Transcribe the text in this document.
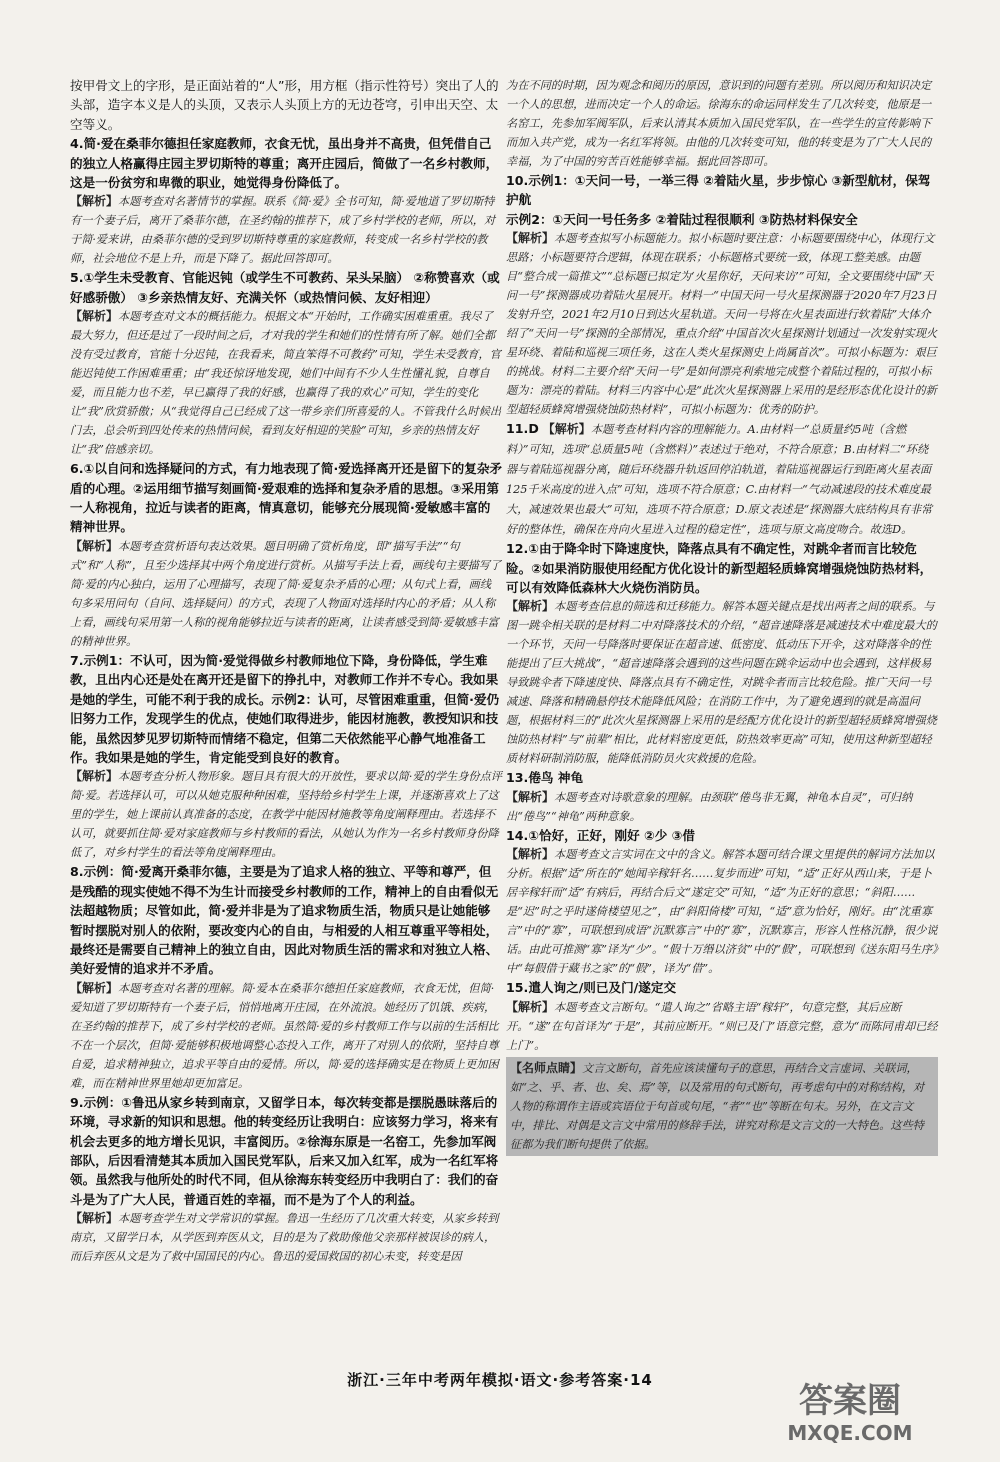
按甲骨文上的字形，是正面站着的“人”形，用方框（指示性符号）突出了人的头部，造字本义是人的头顶，又表示人头顶上方的无边苍穹，引申出天空、太空等义。

4.简·爱在桑菲尔德担任家庭教师，衣食无忧，虽出身并不高贵，但凭借自己的独立人格赢得庄园主罗切斯特的尊重；离开庄园后，简做了一名乡村教师，这是一份贫穷和卑微的职业，她觉得身份降低了。

【解析】本题考查对名著情节的掌握。联系《简·爱》全书可知，简·爱地道了罗切斯特有一个妻子后，离开了桑菲尔德，在圣约翰的推荐下，成了乡村学校的老师，所以，对于简·爱来讲，由桑菲尔德的受到罗切斯特尊重的家庭教师，转变成一名乡村学校的教师，社会地位不是上升，而是下降了。据此回答即可。

5.①学生未受教育、官能迟钝（或学生不可教药、呆头呆脑） ②称赞喜欢（或好感骄傲） ③乡亲热情友好、充满关怀（或热情问候、友好相迎）

【解析】本题考查对文本的概括能力。根据文本“开始时，工作确实困难重重。我尽了最大努力，但还是过了一段时间之后，才对我的学生和她们的性情有所了解。她们全都没有受过教育，官能十分迟钝，在我看来，简直笨得不可教药”可知，学生未受教育，官能迟钝使工作困难重重；由“我还惊讶地发现，她们中间有不少人生性懂礼貌，自尊自爱，而且能力也不差，早已赢得了我的好感，也赢得了我的欢心”可知，学生的变化让“我”欣赏骄傲；从“我觉得自己已经成了这一带乡亲们所喜爱的人。不管我什么时候出门去，总会听到四处传来的热情问候，看到友好相迎的笑脸”可知，乡亲的热情友好让“我”倍感亲切。

6.①以自问和选择疑问的方式，有力地表现了简·爱选择离开还是留下的复杂矛盾的心理。②运用细节描写刻画简·爱艰难的选择和复杂矛盾的思想。③采用第一人称视角，拉近与读者的距离，情真意切，能够充分展现简·爱敏感丰富的精神世界。

【解析】本题考查赏析语句表达效果。题目明确了赏析角度，即“描写手法”“句式”和“人称”，且至少选择其中两个角度进行赏析。从描写手法上看，画线句主要描写了简·爱的内心独白，运用了心理描写，表现了简·爱复杂矛盾的心理；从句式上看，画线句多采用问句（自问、选择疑问）的方式，表现了人物面对选择时内心的矛盾；从人称上看，画线句采用第一人称的视角能够拉近与读者的距离，让读者感受到简·爱敏感丰富的精神世界。

7.示例1：不认可，因为简·爱觉得做乡村教师地位下降，身份降低，学生难教，且出内心还是处在离开还是留下的挣扎中，对教师工作并不专心。我如果是她的学生，可能不利于我的成长。示例2：认可，尽管困难重重，但简·爱仍旧努力工作，发现学生的优点，使她们取得进步，能因材施教，教授知识和技能，虽然因梦见罗切斯特而情绪不稳定，但第二天依然能平心静气地准备工作。我如果是她的学生，肯定能受到良好的教育。

【解析】本题考查分析人物形象。题目具有很大的开放性，要求以简·爱的学生身份点评简·爱。若选择认可，可以从她克服种种困难，坚持给乡村学生上课，并逐渐喜欢上了这里的学生，她上课前认真准备的态度，在教学中能因材施教等角度阐释理由。若选择不认可，就要抓住简·爱对家庭教师与乡村教师的看法，从她认为作为一名乡村教师身份降低了，对乡村学生的看法等角度阐释理由。

8.示例：简·爱离开桑菲尔德，主要是为了追求人格的独立、平等和尊严，但是残酷的现实使她不得不为生计而接受乡村教师的工作，精神上的自由看似无法超越物质；尽管如此，简·爱并非是为了追求物质生活，物质只是让她能够暂时摆脱对别人的依附，要改变内心的自由，与相爱的人相互尊重平等相处，最终还是需要自己精神上的独立自由，因此对物质生活的需求和对独立人格、美好爱情的追求并不矛盾。

【解析】本题考查对名著的理解。简·爱本在桑菲尔德担任家庭教师，衣食无忧，但简·爱知道了罗切斯特有一个妻子后，悄悄地离开庄园，在外流浪。她经历了饥饿、疾病，在圣约翰的推荐下，成了乡村学校的老师。虽然简·爱的乡村教师工作与以前的生活相比不在一个层次，但简·爱能够积极地调整心态投入工作，离开了对别人的依附，坚持自尊自爱，追求精神独立，追求平等自由的爱情。所以，简·爱的选择确实是在物质上更加困难，而在精神世界里她却更加富足。

9.示例：①鲁迅从家乡转到南京，又留学日本，每次转变都是摆脱愚昧落后的环境，寻求新的知识和思想。他的转变经历让我明白：应该努力学习，将来有机会去更多的地方增长见识，丰富阅历。②徐海东原是一名窑工，先参加军阀部队，后因看清楚其本质加入国民党军队，后来又加入红军，成为一名红军将领。虽然我与他所处的时代不同，但从徐海东转变经历中我明白了：我们的奋斗是为了广大人民，普通百姓的幸福，而不是为了个人的利益。

【解析】本题考查学生对文学常识的掌握。鲁迅一生经历了几次重大转变，从家乡转到南京，又留学日本，从学医到弃医从文，目的是为了救助像他父亲那样被误诊的病人，而后弃医从文是为了救中国国民的内心。鲁迅的爱国救国的初心未变，转变是因

为在不同的时期，因为观念和阅历的原因，意识到的问题有差别。所以阅历和知识决定一个人的思想，进而决定一个人的命运。徐海东的命运同样发生了几次转变，他原是一名窑工，先参加军阀军队，后来认清其本质加入国民党军队，在一些学生的宣传影响下而加入共产党，成为一名红军将领。由他的几次转变可知，他的转变是为了广大人民的幸福，为了中国的穷苦百姓能够幸福。据此回答即可。

10.示例1：①天问一号，一举三得 ②着陆火星，步步惊心 ③新型航材，保驾护航

示例2：①天问一号任务多 ②着陆过程很顺利 ③防热材料保安全

【解析】本题考查拟写小标题能力。拟小标题时要注意：小标题要围绕中心，体现行文思路；小标题要符合逻辑，体现在联系；小标题格式要统一致，体现工整美感。由题目“整合成一篇推文”“总标题已拟定为‘火星你好，天问来访’”可知，全文要围绕中国“天问一号”探测器成功着陆火星展开。材料一“中国天问一号火星探测器于2020年7月23日发射升空，2021年2月10日到达火星轨道。天问一号将在火星表面进行软着陆”大体介绍了“天问一号”探测的全部情况，重点介绍“中国首次火星探测计划通过一次发射实现火星环绕、着陆和巡视三项任务，这在人类火星探测史上尚属首次”。可拟小标题为：艰巨的挑战。材料二主要介绍“天问一号”是如何漂亮利索地完成整个着陆过程的，可拟小标题为：漂亮的着陆。材料三内容中心是“此次火星探测器上采用的是经形态优化设计的新型超轻质蜂窝增强烧蚀防热材料”，可拟小标题为：优秀的防护。

11.D 【解析】本题考查材料内容的理解能力。A.由材料一“总质量约5吨（含燃料）”可知，选项“总质量5吨（含燃料）”表述过于绝对，不符合原意；B.由材料二“环绕器与着陆巡视器分离，随后环绕器升轨返回停泊轨道，着陆巡视器运行到距离火星表面125千米高度的进入点”可知，选项不符合原意；C.由材料一“气动减速段的技术难度最大，减速效果也最大”可知，选项不符合原意；D.原文表述是“探测器大底结构具有非常好的整体性，确保在舟向火星进入过程的稳定性”，选项与原文高度吻合。故选D。

12.①由于降伞时下降速度快，降落点具有不确定性，对跳伞者而言比较危险。②如果消防服使用经配方优化设计的新型超轻质蜂窝增强烧蚀防热材料，可以有效降低森林大火烧伤消防员。

【解析】本题考查信息的筛选和迁移能力。解答本题关键点是找出两者之间的联系。与图一跳伞相关联的是材料二中对降落技术的介绍，“超音速降落是减速技术中难度最大的一个环节，天问一号降落时要保证在超音速、低密度、低动压下开伞，这对降落伞的性能提出了巨大挑战”，“超音速降落会遇到的这些问题在跳伞运动中也会遇到，这样极易导致跳伞者下降速度快、降落点具有不确定性，对跳伞者而言比较危险。推广天问一号减速、降落和精确悬停技术能降低风险；在消防工作中，为了避免遇到的就是高温问题，根据材料三的“此次火星探测器上采用的是经配方优化设计的新型超轻质蜂窝增强烧蚀防热材料”与“前辈”相比，此材料密度更低，防热效率更高”可知，使用这种新型超轻质材料研制消防服，能降低消防员火灾救援的危险。

13.倦鸟 神龟

【解析】本题考查对诗歌意象的理解。由颈联“倦鸟非无翼，神龟本自灵”，可归纳出“倦鸟”“神龟”两种意象。

14.①恰好，正好，刚好 ②少 ③借

【解析】本题考查文言实词在文中的含义。解答本题可结合课文里提供的解词方法加以分析。根据“适”所在的“她闻辛稼轩名……复步而进”可知，“适”正好从西山来，于是卜居辛稼轩而“适”有病后，再结合后文“遂定交”可知，“适”为正好的意思；“斜阳……是“迟”时之乎时遂倚楼望见之”，由“斜阳倚楼”可知，“适”意为恰好，刚好。由“沈重寡言”中的“寡”，可联想到成语“沉默寡言”中的“寡”，沉默寡言，形容人性格沉静，很少说话。由此可推测“寡”译为“少”。“假十万缗以济贫”中的“假”，可联想到《送东阳马生序》中“每假借于藏书之家”的“假”，译为“借”。

15.遣人询之/则已及门/遂定交

【解析】本题考查文言断句。“遣人询之”省略主语“稼轩”，句意完整，其后应断开。“遂”在句首译为“于是”，其前应断开。“则已及门”语意完整，意为“而陈同甫却已经上门”。

【名师点睛】文言文断句，首先应该读懂句子的意思，再结合文言虚词、关联词，如“之、乎、者、也、矣、焉”等，以及常用的句式断句，再考虑句中的对称结构，对人物的称谓作主语或宾语位于句首或句尾，“者”“也”等断在句末。另外，在文言文中，排比、对偶是文言文中常用的修辞手法，讲究对称是文言文的一大特色。这些特征都为我们断句提供了依据。
浙江·三年中考两年模拟·语文·参考答案·14
答案圈
MXQE.COM
